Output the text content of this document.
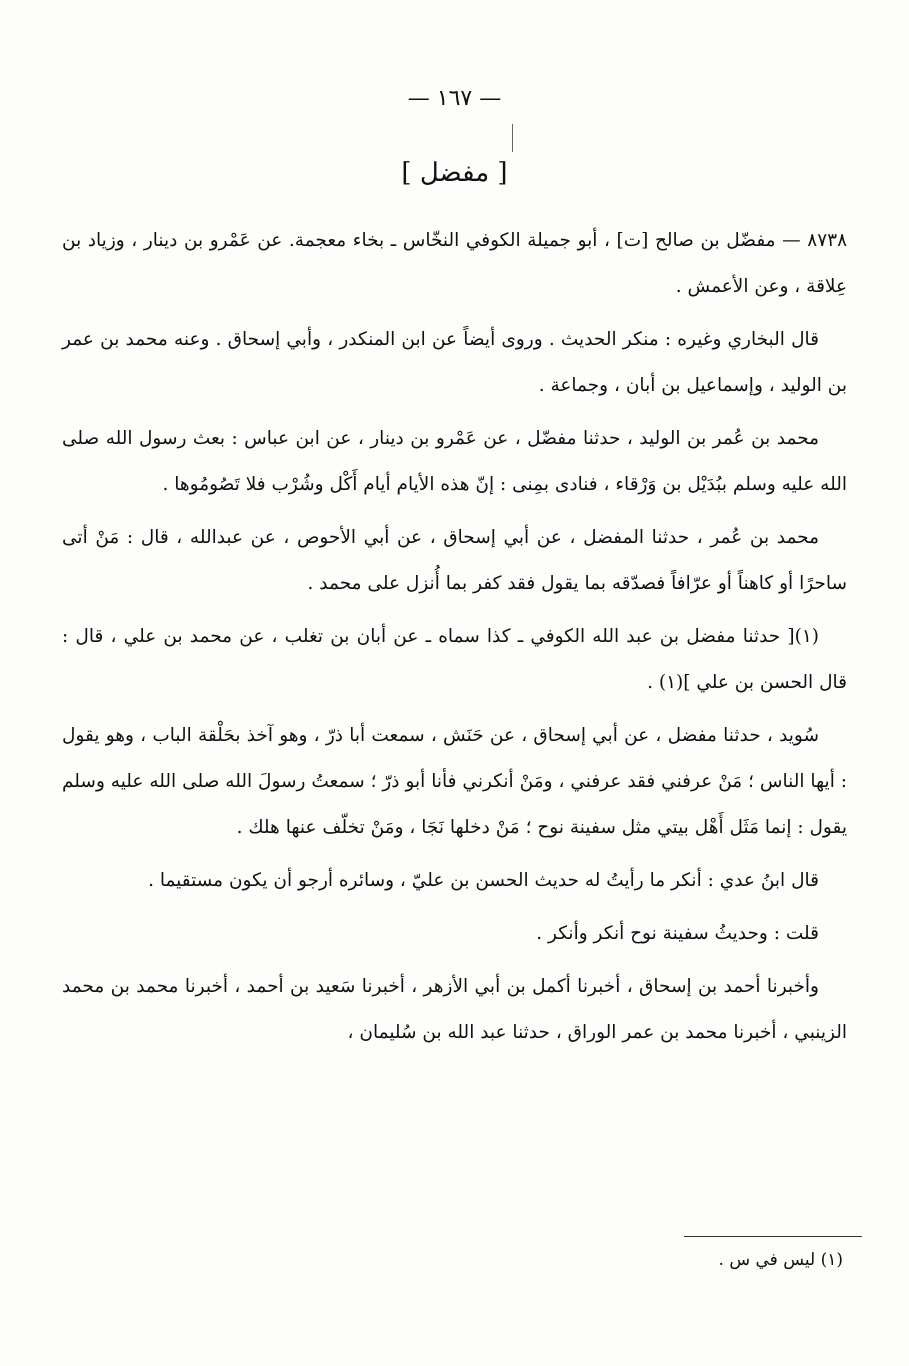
— ١٦٧ —
[ مفضل ]

٨٧٣٨ — مفضّل بن صالح [ت] ، أبو جميلة الكوفي النخّاس ـ بخاء معجمة. عن عَمْرو بن دينار ، وزياد بن عِلاقة ، وعن الأعمش .

قال البخاري وغيره : منكر الحديث . وروى أيضاً عن ابن المنكدر ، وأبي إسحاق . وعنه محمد بن عمر بن الوليد ، وإسماعيل بن أبان ، وجماعة .

محمد بن عُمر بن الوليد ، حدثنا مفضّل ، عن عَمْرو بن دينار ، عن ابن عباس : بعث رسول الله صلى الله عليه وسلم ببُدَيْل بن وَرْقاء ، فنادى بمِنى : إنّ هذه الأيام أيام أَكْل وشُرْب فلا تَصُومُوها .

محمد بن عُمر ، حدثنا المفضل ، عن أبي إسحاق ، عن أبي الأحوص ، عن عبدالله ، قال : مَنْ أتى ساحرًا أو كاهناً أو عرّافاً فصدّقه بما يقول فقد كفر بما أُنزل على محمد .

(١)[ حدثنا مفضل بن عبد الله الكوفي ـ كذا سماه ـ عن أبان بن تغلب ، عن محمد بن علي ، قال : قال الحسن بن علي ](١) .

سُويد ، حدثنا مفضل ، عن أبي إسحاق ، عن حَنَش ، سمعت أبا ذرّ ، وهو آخذ بحَلْقة الباب ، وهو يقول : أيها الناس ؛ مَنْ عرفني فقد عرفني ، ومَنْ أنكرني فأنا أبو ذرّ ؛ سمعتُ رسولَ الله صلى الله عليه وسلم يقول : إنما مَثَل أَهْل بيتي مثل سفينة نوح ؛ مَنْ دخلها نَجَا ، ومَنْ تخلّف عنها هلك .

قال ابنُ عدي : أنكر ما رأيتُ له حديث الحسن بن عليّ ، وسائره أرجو أن يكون مستقيما .

قلت : وحديثُ سفينة نوح أنكر وأنكر .

وأخبرنا أحمد بن إسحاق ، أخبرنا أكمل بن أبي الأزهر ، أخبرنا سَعيد بن أحمد ، أخبرنا محمد بن محمد الزينبي ، أخبرنا محمد بن عمر الوراق ، حدثنا عبد الله بن سُليمان ،

(١) ليس في س .
